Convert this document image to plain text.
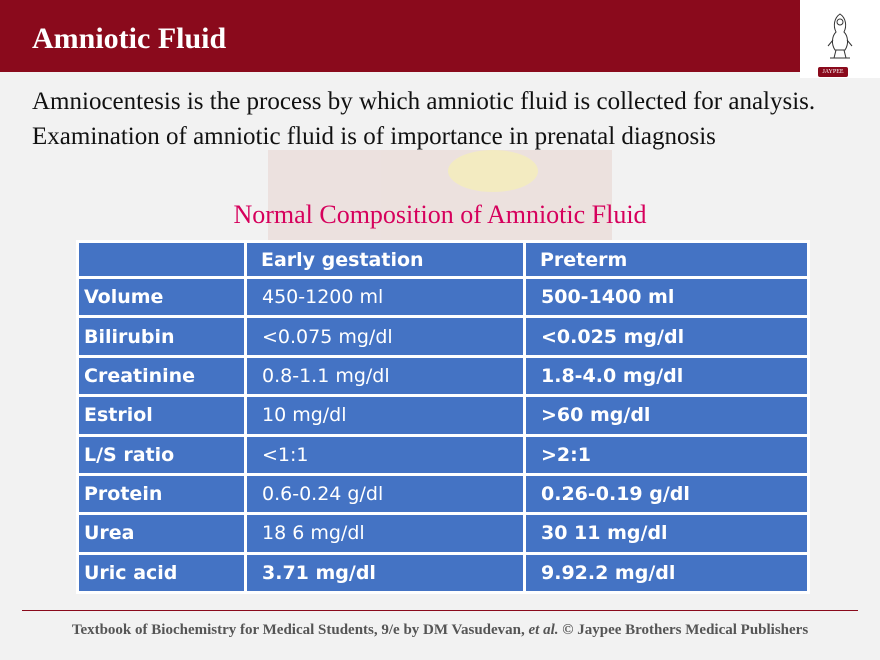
Amniotic Fluid
JAYPEE
Amniocentesis is the process by which amniotic fluid is collected for analysis. Examination of amniotic fluid is of importance in prenatal diagnosis
Normal Composition of Amniotic Fluid
	Early gestation	Preterm
Volume	450-1200 ml	500-1400 ml
Bilirubin	<0.075 mg/dl	<0.025 mg/dl
Creatinine	0.8-1.1 mg/dl	1.8-4.0 mg/dl
Estriol	10 mg/dl	>60 mg/dl
L/S ratio	<1:1	>2:1
Protein	0.6-0.24 g/dl	0.26-0.19 g/dl
Urea	18 6 mg/dl	30 11 mg/dl
Uric acid	3.71 mg/dl	9.92.2 mg/dl
Textbook of Biochemistry for Medical Students, 9/e by DM Vasudevan, et al. © Jaypee Brothers Medical Publishers
